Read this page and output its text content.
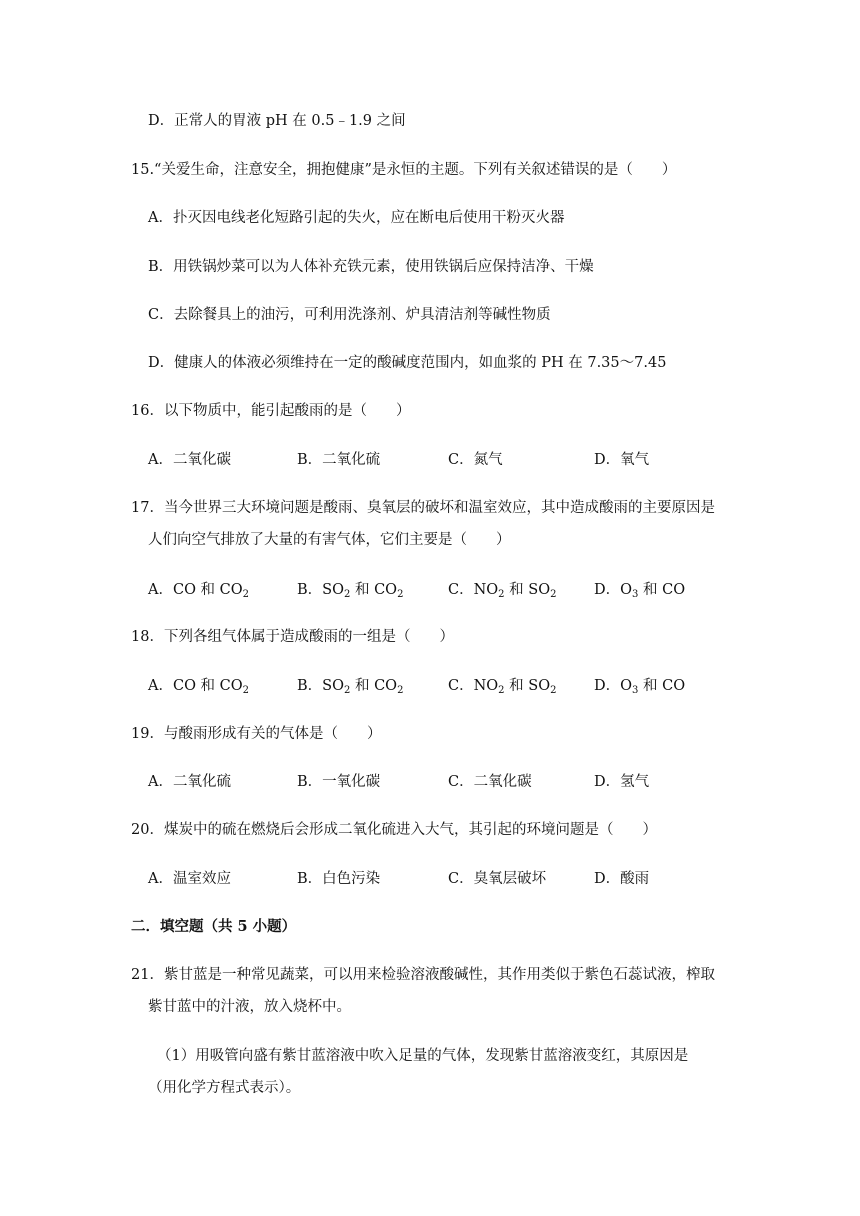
D．正常人的胃液 pH 在 0.5﹣1.9 之间
15.“关爱生命，注意安全，拥抱健康”是永恒的主题。下列有关叙述错误的是（　　）
A．扑灭因电线老化短路引起的失火，应在断电后使用干粉灭火器
B．用铁锅炒菜可以为人体补充铁元素，使用铁锅后应保持洁净、干燥
C．去除餐具上的油污，可利用洗涤剂、炉具清洁剂等碱性物质
D．健康人的体液必须维持在一定的酸碱度范围内，如血浆的 PH 在 7.35～7.45
16．以下物质中，能引起酸雨的是（　　）
A．二氧化碳	B．二氧化硫	C．氮气	D．氧气
17．当今世界三大环境问题是酸雨、臭氧层的破坏和温室效应，其中造成酸雨的主要原因是
人们向空气排放了大量的有害气体，它们主要是（　　）
A．CO 和 $CO_2$	B．$SO_2$ 和 $CO_2$	C．$NO_2$ 和 $SO_2$	D．$O_3$ 和 CO
18．下列各组气体属于造成酸雨的一组是（　　）
A．CO 和 $CO_2$	B．$SO_2$ 和 $CO_2$	C．$NO_2$ 和 $SO_2$	D．$O_3$ 和 CO
19．与酸雨形成有关的气体是（　　）
A．二氧化硫	B．一氧化碳	C．二氧化碳	D．氢气
20．煤炭中的硫在燃烧后会形成二氧化硫进入大气，其引起的环境问题是（　　）
A．温室效应	B．白色污染	C．臭氧层破坏	D．酸雨
二．填空题（共 5 小题）
21．紫甘蓝是一种常见蔬菜，可以用来检验溶液酸碱性，其作用类似于紫色石蕊试液，榨取
紫甘蓝中的汁液，放入烧杯中。
（1）用吸管向盛有紫甘蓝溶液中吹入足量的气体，发现紫甘蓝溶液变红，其原因是
（用化学方程式表示）。
